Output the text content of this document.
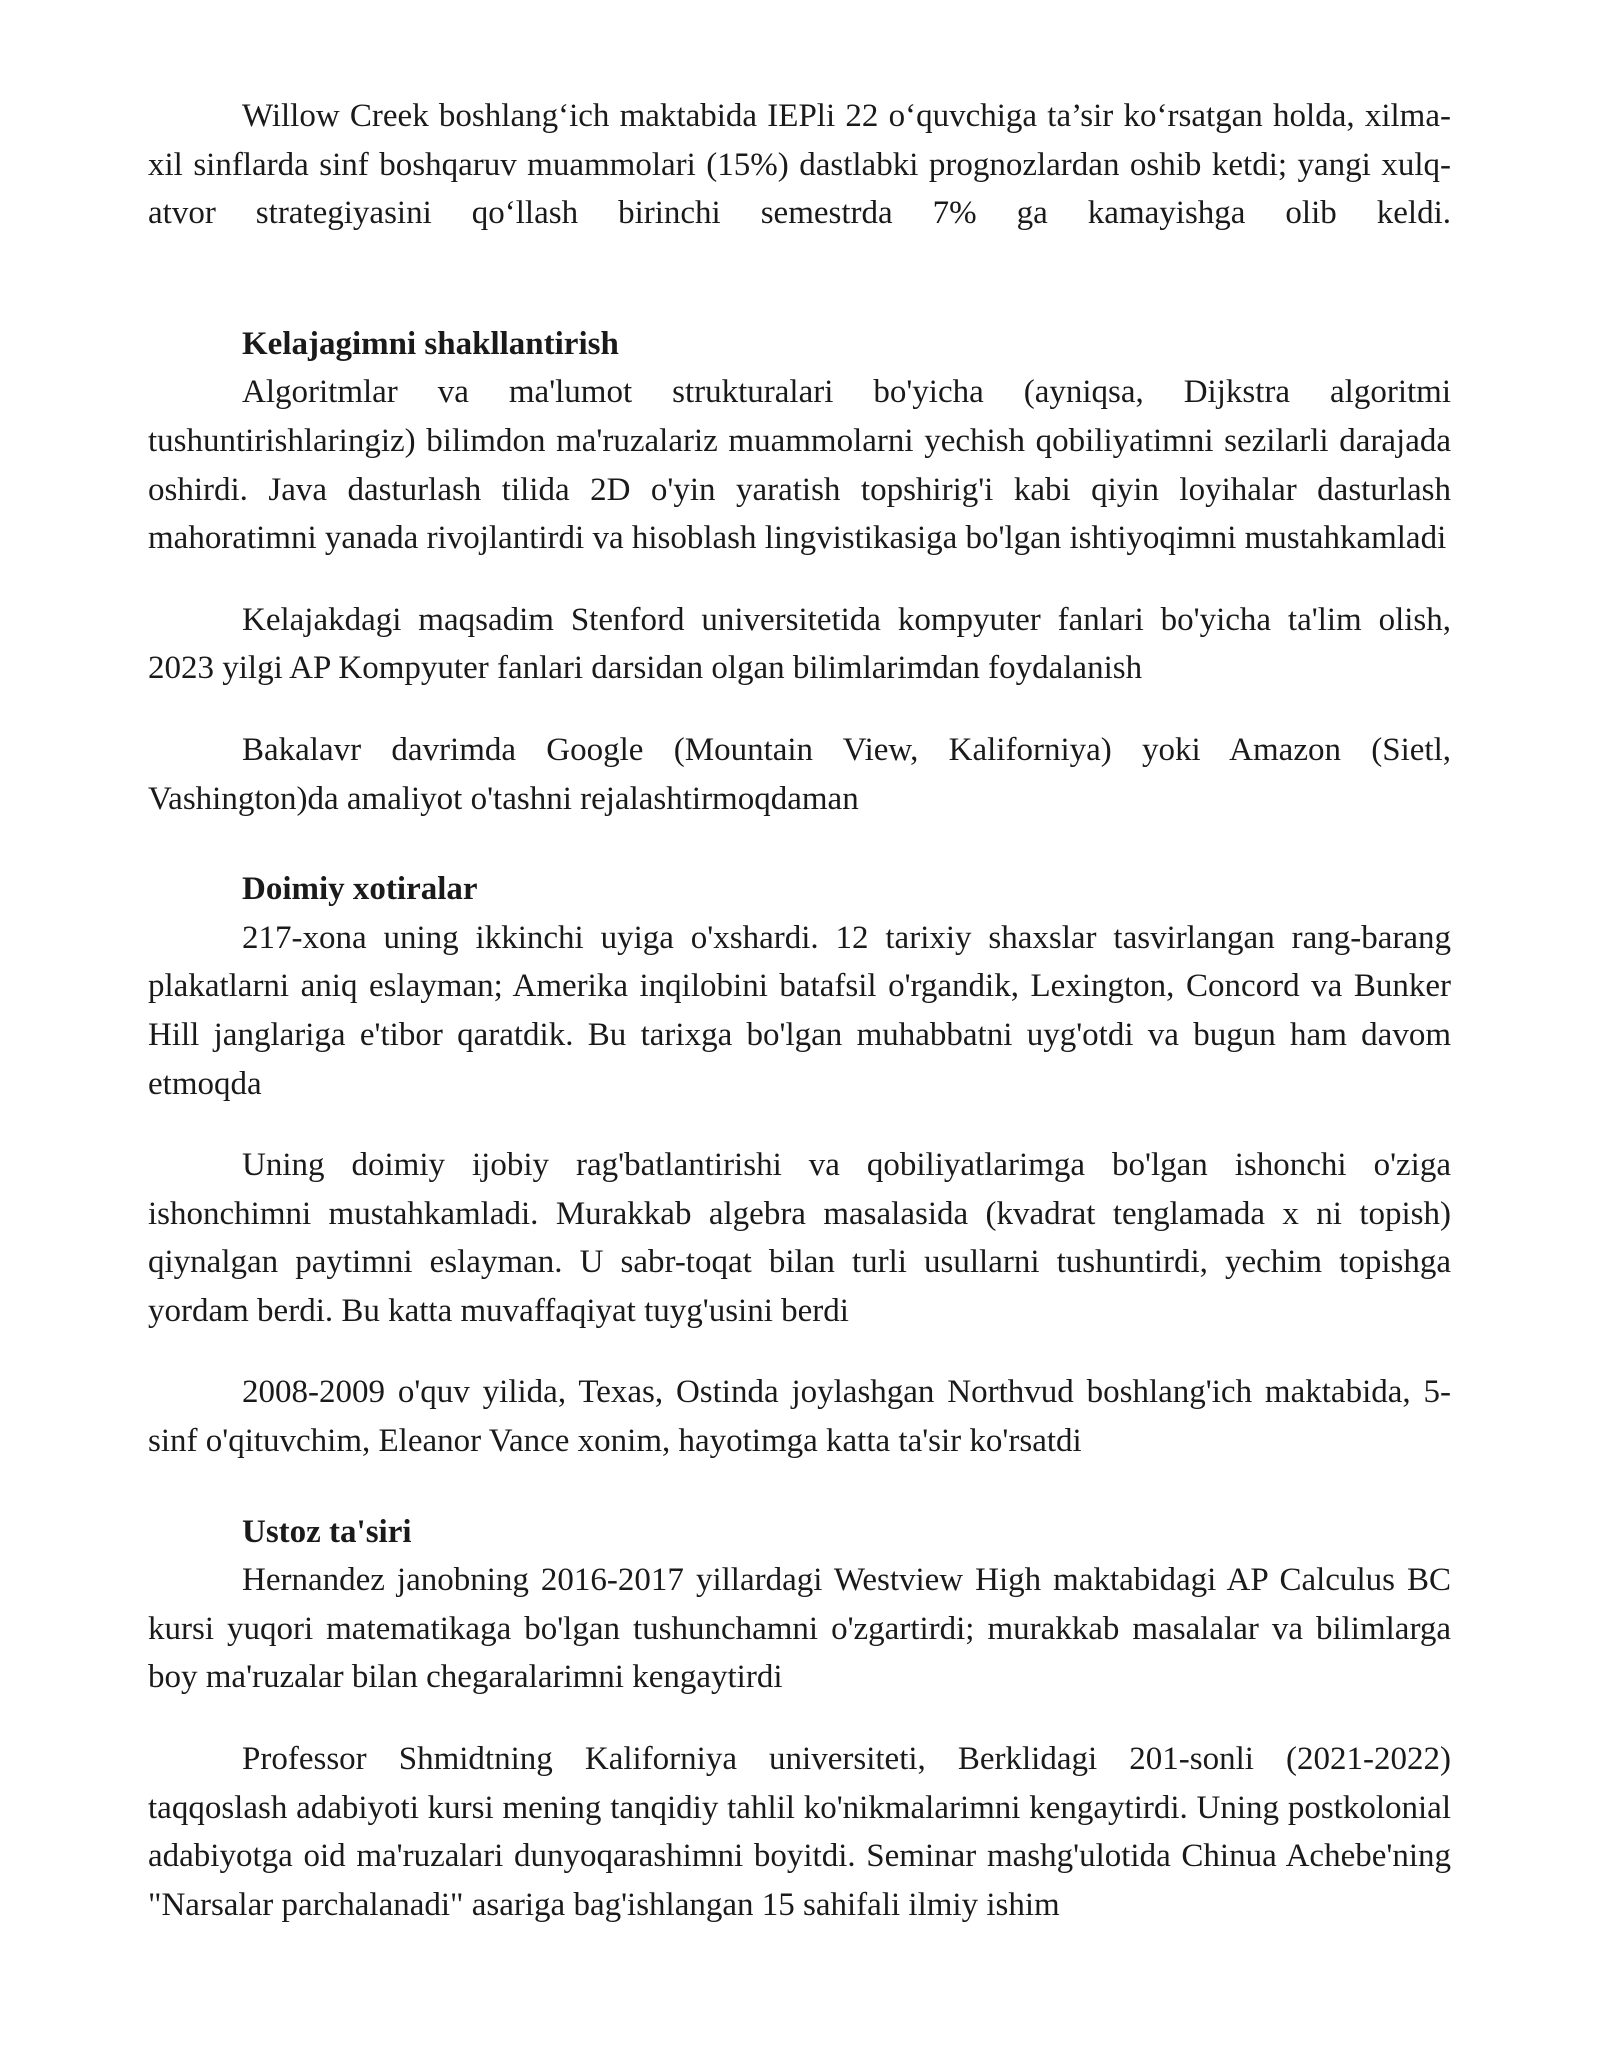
Willow Creek boshlang‘ich maktabida IEPli 22 o‘quvchiga ta’sir ko‘rsatgan holda, xilma-xil sinflarda sinf boshqaruv muammolari (15%) dastlabki prognozlardan oshib ketdi; yangi xulq-atvor strategiyasini qo‘llash birinchi semestrda 7% ga kamayishga olib keldi.

Kelajagimni shakllantirish

Algoritmlar va ma'lumot strukturalari bo'yicha (ayniqsa, Dijkstra algoritmi tushuntirishlaringiz) bilimdon ma'ruzalariz muammolarni yechish qobiliyatimni sezilarli darajada oshirdi. Java dasturlash tilida 2D o'yin yaratish topshirig'i kabi qiyin loyihalar dasturlash mahoratimni yanada rivojlantirdi va hisoblash lingvistikasiga bo'lgan ishtiyoqimni mustahkamladi

Kelajakdagi maqsadim Stenford universitetida kompyuter fanlari bo'yicha ta'lim olish, 2023 yilgi AP Kompyuter fanlari darsidan olgan bilimlarimdan foydalanish

Bakalavr davrimda Google (Mountain View, Kaliforniya) yoki Amazon (Sietl, Vashington)da amaliyot o'tashni rejalashtirmoqdaman

Doimiy xotiralar

217-xona uning ikkinchi uyiga o'xshardi. 12 tarixiy shaxslar tasvirlangan rang-barang plakatlarni aniq eslayman; Amerika inqilobini batafsil o'rgandik, Lexington, Concord va Bunker Hill janglariga e'tibor qaratdik. Bu tarixga bo'lgan muhabbatni uyg'otdi va bugun ham davom etmoqda

Uning doimiy ijobiy rag'batlantirishi va qobiliyatlarimga bo'lgan ishonchi o'ziga ishonchimni mustahkamladi. Murakkab algebra masalasida (kvadrat tenglamada x ni topish) qiynalgan paytimni eslayman. U sabr-toqat bilan turli usullarni tushuntirdi, yechim topishga yordam berdi. Bu katta muvaffaqiyat tuyg'usini berdi

2008-2009 o'quv yilida, Texas, Ostinda joylashgan Northvud boshlang'ich maktabida, 5-sinf o'qituvchim, Eleanor Vance xonim, hayotimga katta ta'sir ko'rsatdi

Ustoz ta'siri

Hernandez janobning 2016-2017 yillardagi Westview High maktabidagi AP Calculus BC kursi yuqori matematikaga bo'lgan tushunchamni o'zgartirdi; murakkab masalalar va bilimlarga boy ma'ruzalar bilan chegaralarimni kengaytirdi

Professor Shmidtning Kaliforniya universiteti, Berklidagi 201-sonli (2021-2022) taqqoslash adabiyoti kursi mening tanqidiy tahlil ko'nikmalarimni kengaytirdi. Uning postkolonial adabiyotga oid ma'ruzalari dunyoqarashimni boyitdi. Seminar mashg'ulotida Chinua Achebe'ning "Narsalar parchalanadi" asariga bag'ishlangan 15 sahifali ilmiy ishim
